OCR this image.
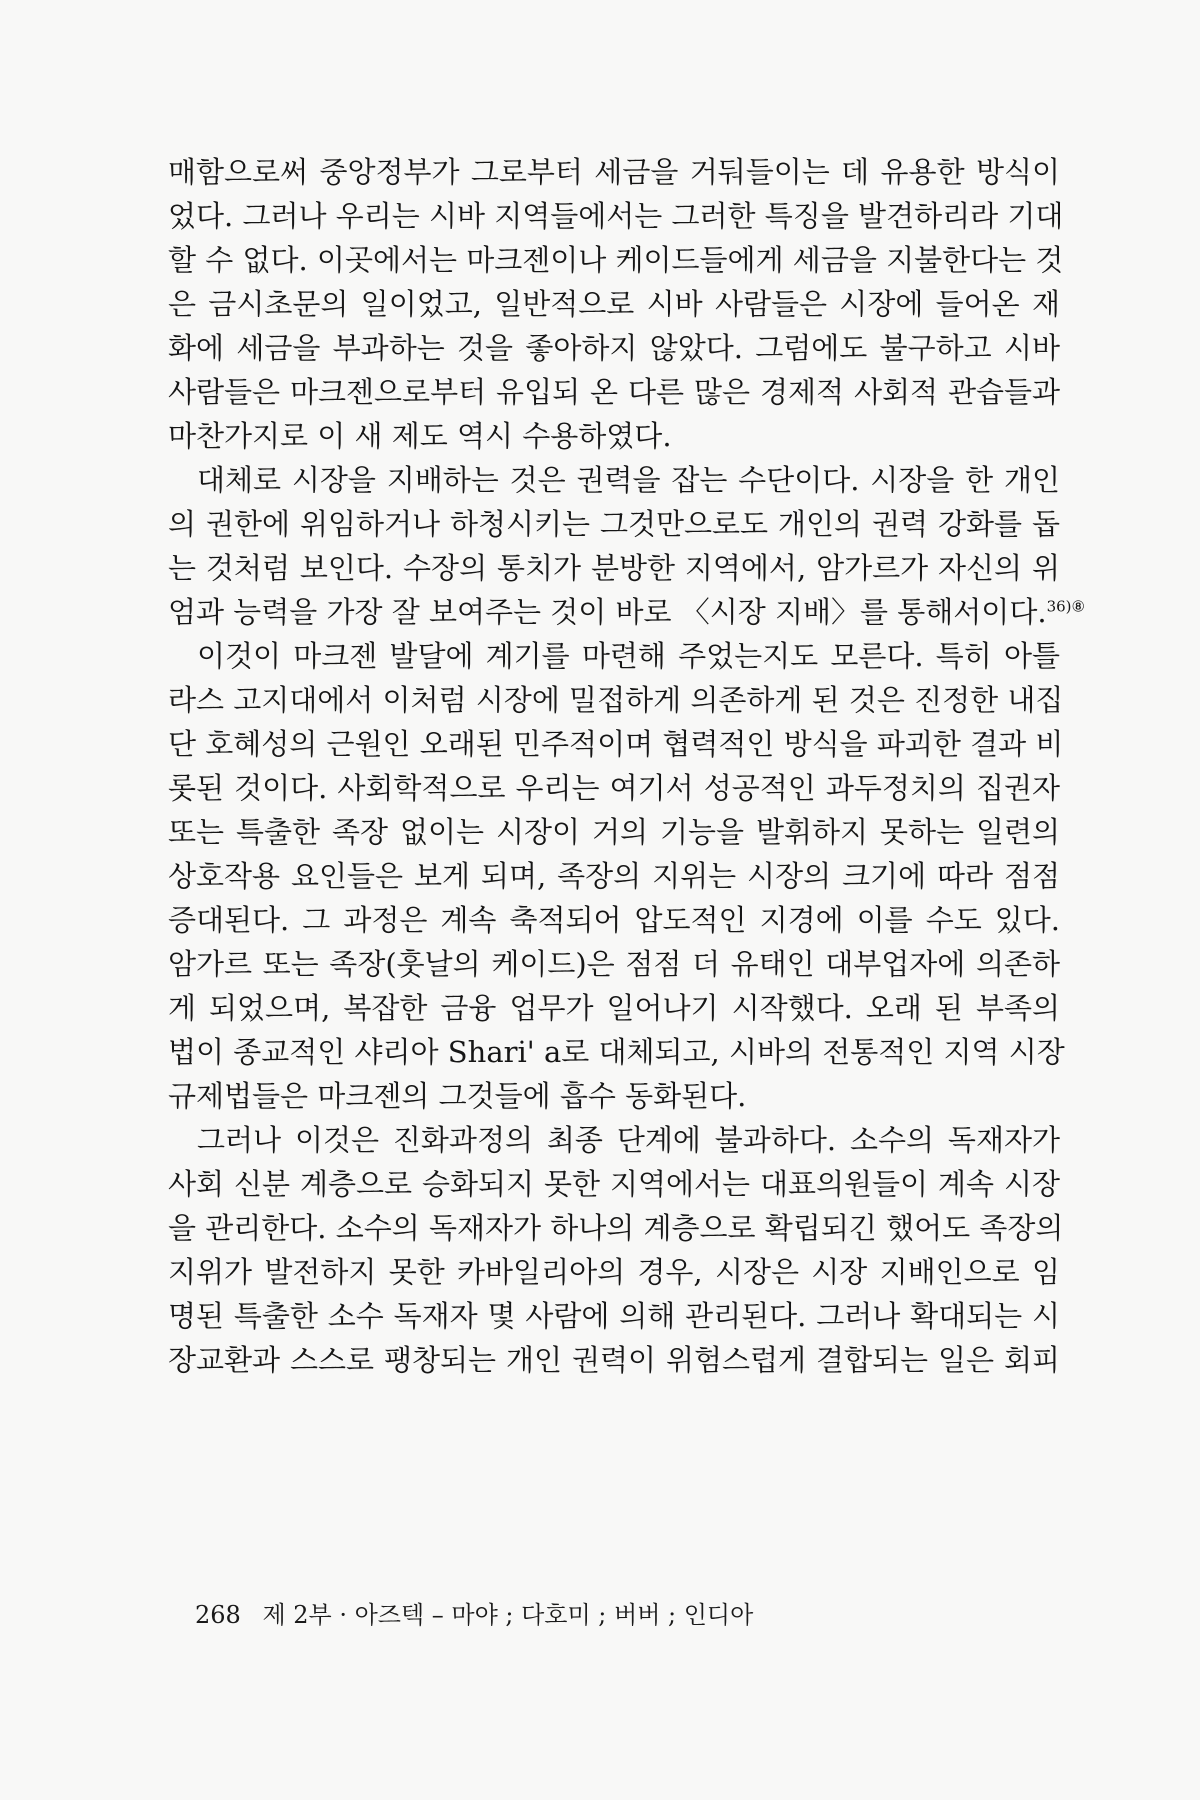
매함으로써 중앙정부가 그로부터 세금을 거둬들이는 데 유용한 방식이
었다. 그러나 우리는 시바 지역들에서는 그러한 특징을 발견하리라 기대
할 수 없다. 이곳에서는 마크젠이나 케이드들에게 세금을 지불한다는 것
은 금시초문의 일이었고, 일반적으로 시바 사람들은 시장에 들어온 재
화에 세금을 부과하는 것을 좋아하지 않았다. 그럼에도 불구하고 시바
사람들은 마크젠으로부터 유입되 온 다른 많은 경제적 사회적 관습들과
마찬가지로 이 새 제도 역시 수용하였다.
대체로 시장을 지배하는 것은 권력을 잡는 수단이다. 시장을 한 개인
의 권한에 위임하거나 하청시키는 그것만으로도 개인의 권력 강화를 돕
는 것처럼 보인다. 수장의 통치가 분방한 지역에서, 암가르가 자신의 위
엄과 능력을 가장 잘 보여주는 것이 바로 〈시장 지배〉를 통해서이다.$^{36)⑧}$
이것이 마크젠 발달에 계기를 마련해 주었는지도 모른다. 특히 아틀
라스 고지대에서 이처럼 시장에 밀접하게 의존하게 된 것은 진정한 내집
단 호혜성의 근원인 오래된 민주적이며 협력적인 방식을 파괴한 결과 비
롯된 것이다. 사회학적으로 우리는 여기서 성공적인 과두정치의 집권자
또는 특출한 족장 없이는 시장이 거의 기능을 발휘하지 못하는 일련의
상호작용 요인들은 보게 되며, 족장의 지위는 시장의 크기에 따라 점점
증대된다. 그 과정은 계속 축적되어 압도적인 지경에 이를 수도 있다.
암가르 또는 족장(훗날의 케이드)은 점점 더 유태인 대부업자에 의존하
게 되었으며, 복잡한 금융 업무가 일어나기 시작했다. 오래 된 부족의
법이 종교적인 샤리아 Shari' a로 대체되고, 시바의 전통적인 지역 시장
규제법들은 마크젠의 그것들에 흡수 동화된다.
그러나 이것은 진화과정의 최종 단계에 불과하다. 소수의 독재자가
사회 신분 계층으로 승화되지 못한 지역에서는 대표의원들이 계속 시장
을 관리한다. 소수의 독재자가 하나의 계층으로 확립되긴 했어도 족장의
지위가 발전하지 못한 카바일리아의 경우, 시장은 시장 지배인으로 임
명된 특출한 소수 독재자 몇 사람에 의해 관리된다. 그러나 확대되는 시
장교환과 스스로 팽창되는 개인 권력이 위험스럽게 결합되는 일은 회피
268 제 2부 · 아즈텍 – 마야 ; 다호미 ; 버버 ; 인디아
